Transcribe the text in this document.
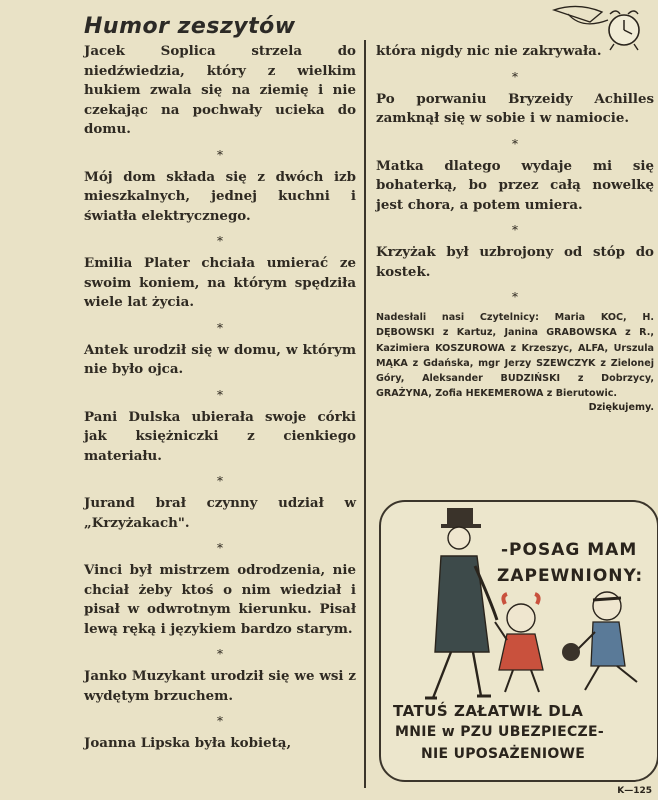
Humor zeszytów
Jacek Soplica strzela do niedźwiedzia, który z wielkim hukiem zwala się na ziemię i nie czekając na pochwały ucieka do domu.
*
Mój dom składa się z dwóch izb mieszkalnych, jednej kuchni i światła elektrycznego.
*
Emilia Plater chciała umierać ze swoim koniem, na którym spędziła wiele lat życia.
*
Antek urodził się w domu, w którym nie było ojca.
*
Pani Dulska ubierała swoje córki jak księżniczki z cienkiego materiału.
*
Jurand brał czynny udział w „Krzyżakach".
*
Vinci był mistrzem odrodzenia, nie chciał żeby ktoś o nim wiedział i pisał w odwrotnym kierunku. Pisał lewą ręką i językiem bardzo starym.
*
Janko Muzykant urodził się we wsi z wydętym brzuchem.
*
Joanna Lipska była kobietą,
która nigdy nic nie zakrywała.
*
Po porwaniu Bryzeidy Achilles zamknął się w sobie i w namiocie.
*
Matka dlatego wydaje mi się bohaterką, bo przez całą nowelkę jest chora, a potem umiera.
*
Krzyżak był uzbrojony od stóp do kostek.
*
Nadesłali nasi Czytelnicy: Maria KOC, H. DĘBOWSKI z Kartuz, Janina GRABOWSKA z R., Kazimiera KOSZUROWA z Krzeszyc, ALFA, Urszula MĄKA z Gdańska, mgr Jerzy SZEWCZYK z Zielonej Góry, Aleksander BUDZIŃSKI z Dobrzycy, GRAŻYNA, Zofia HEKEMEROWA z Bierutowic.
Dziękujemy.
-POSAG MAM
ZAPEWNIONY:
TATUŚ ZAŁATWIŁ DLA
MNIE w PZU UBEZPIECZE-
NIE UPOSAŻENIOWE
K—125
